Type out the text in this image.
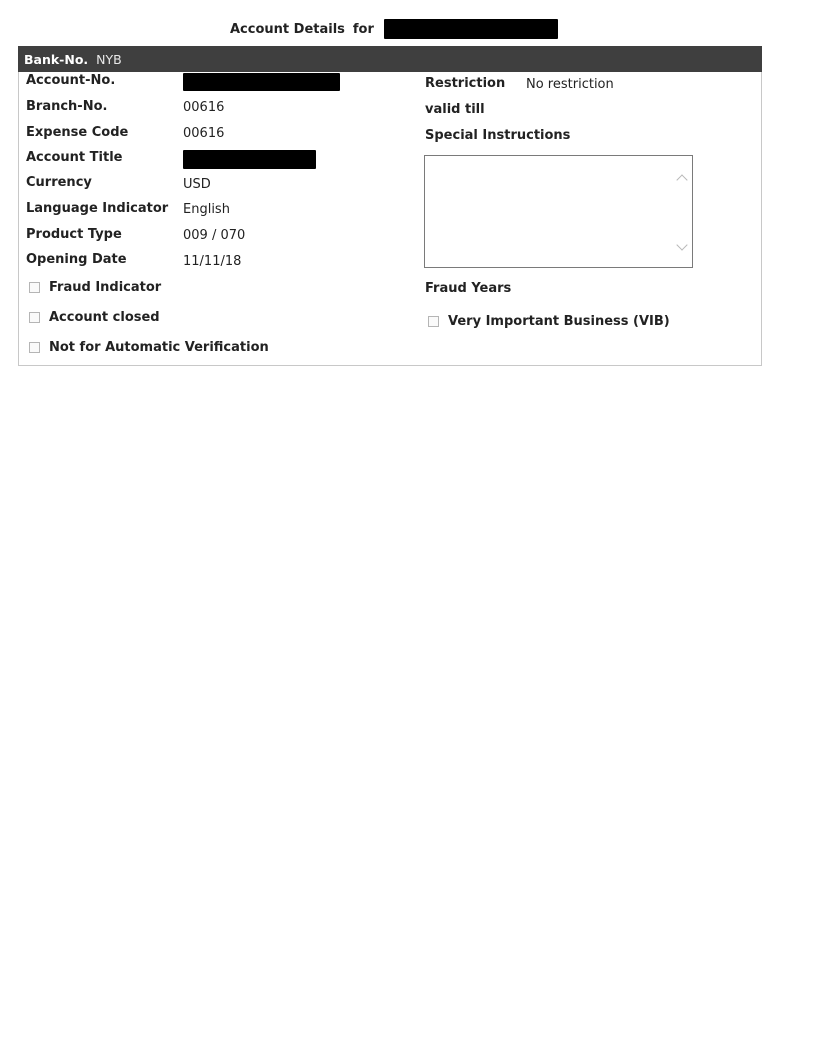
Account Details for
Bank-No. NYB
Account-No.
Branch-No.	00616
Expense Code	00616
Account Title
Currency	USD
Language Indicator English
Product Type	009 / 070
Opening Date	11/11/18
Fraud Indicator
Account closed
Not for Automatic Verification
Restriction No restriction
valid till
Special Instructions
Fraud Years
Very Important Business (VIB)
